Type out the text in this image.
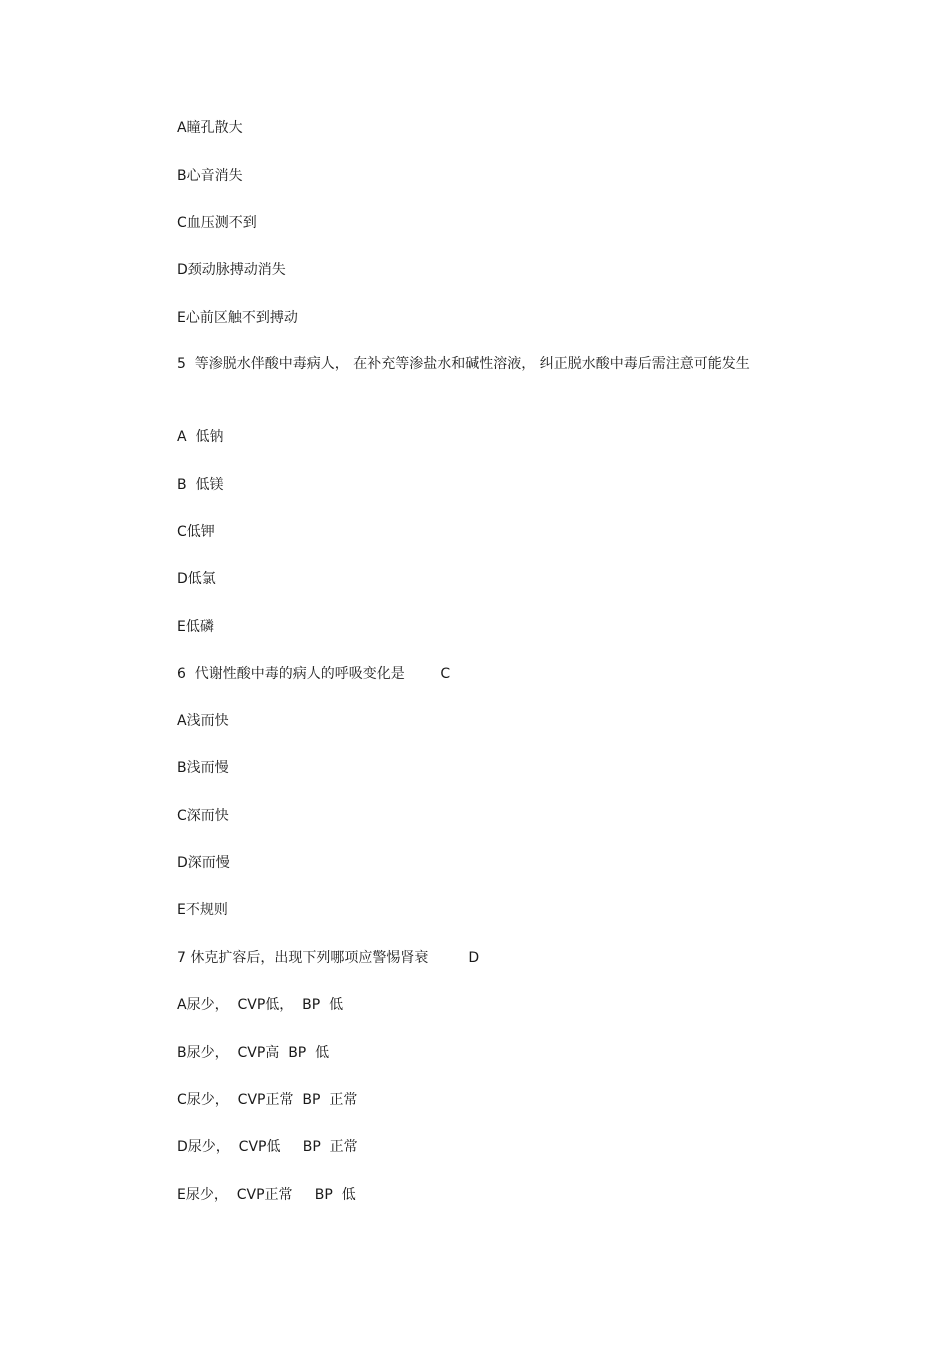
A瞳孔散大

B心音消失

C血压测不到

D颈动脉搏动消失

E心前区触不到搏动

5  等渗脱水伴酸中毒病人， 在补充等渗盐水和碱性溶液， 纠正脱水酸中毒后需注意可能发生

A  低钠

B  低镁

C低钾

D低氯

E低磷

6  代谢性酸中毒的病人的呼吸变化是	C

A浅而快

B浅而慢

C深而快

D深而慢

E不规则

7 休克扩容后，出现下列哪项应警惕肾衰	D

A尿少，  CVP低，  BP  低

B尿少，  CVP高  BP  低

C尿少，  CVP正常  BP  正常

D尿少，  CVP低     BP  正常

E尿少，  CVP正常     BP  低
